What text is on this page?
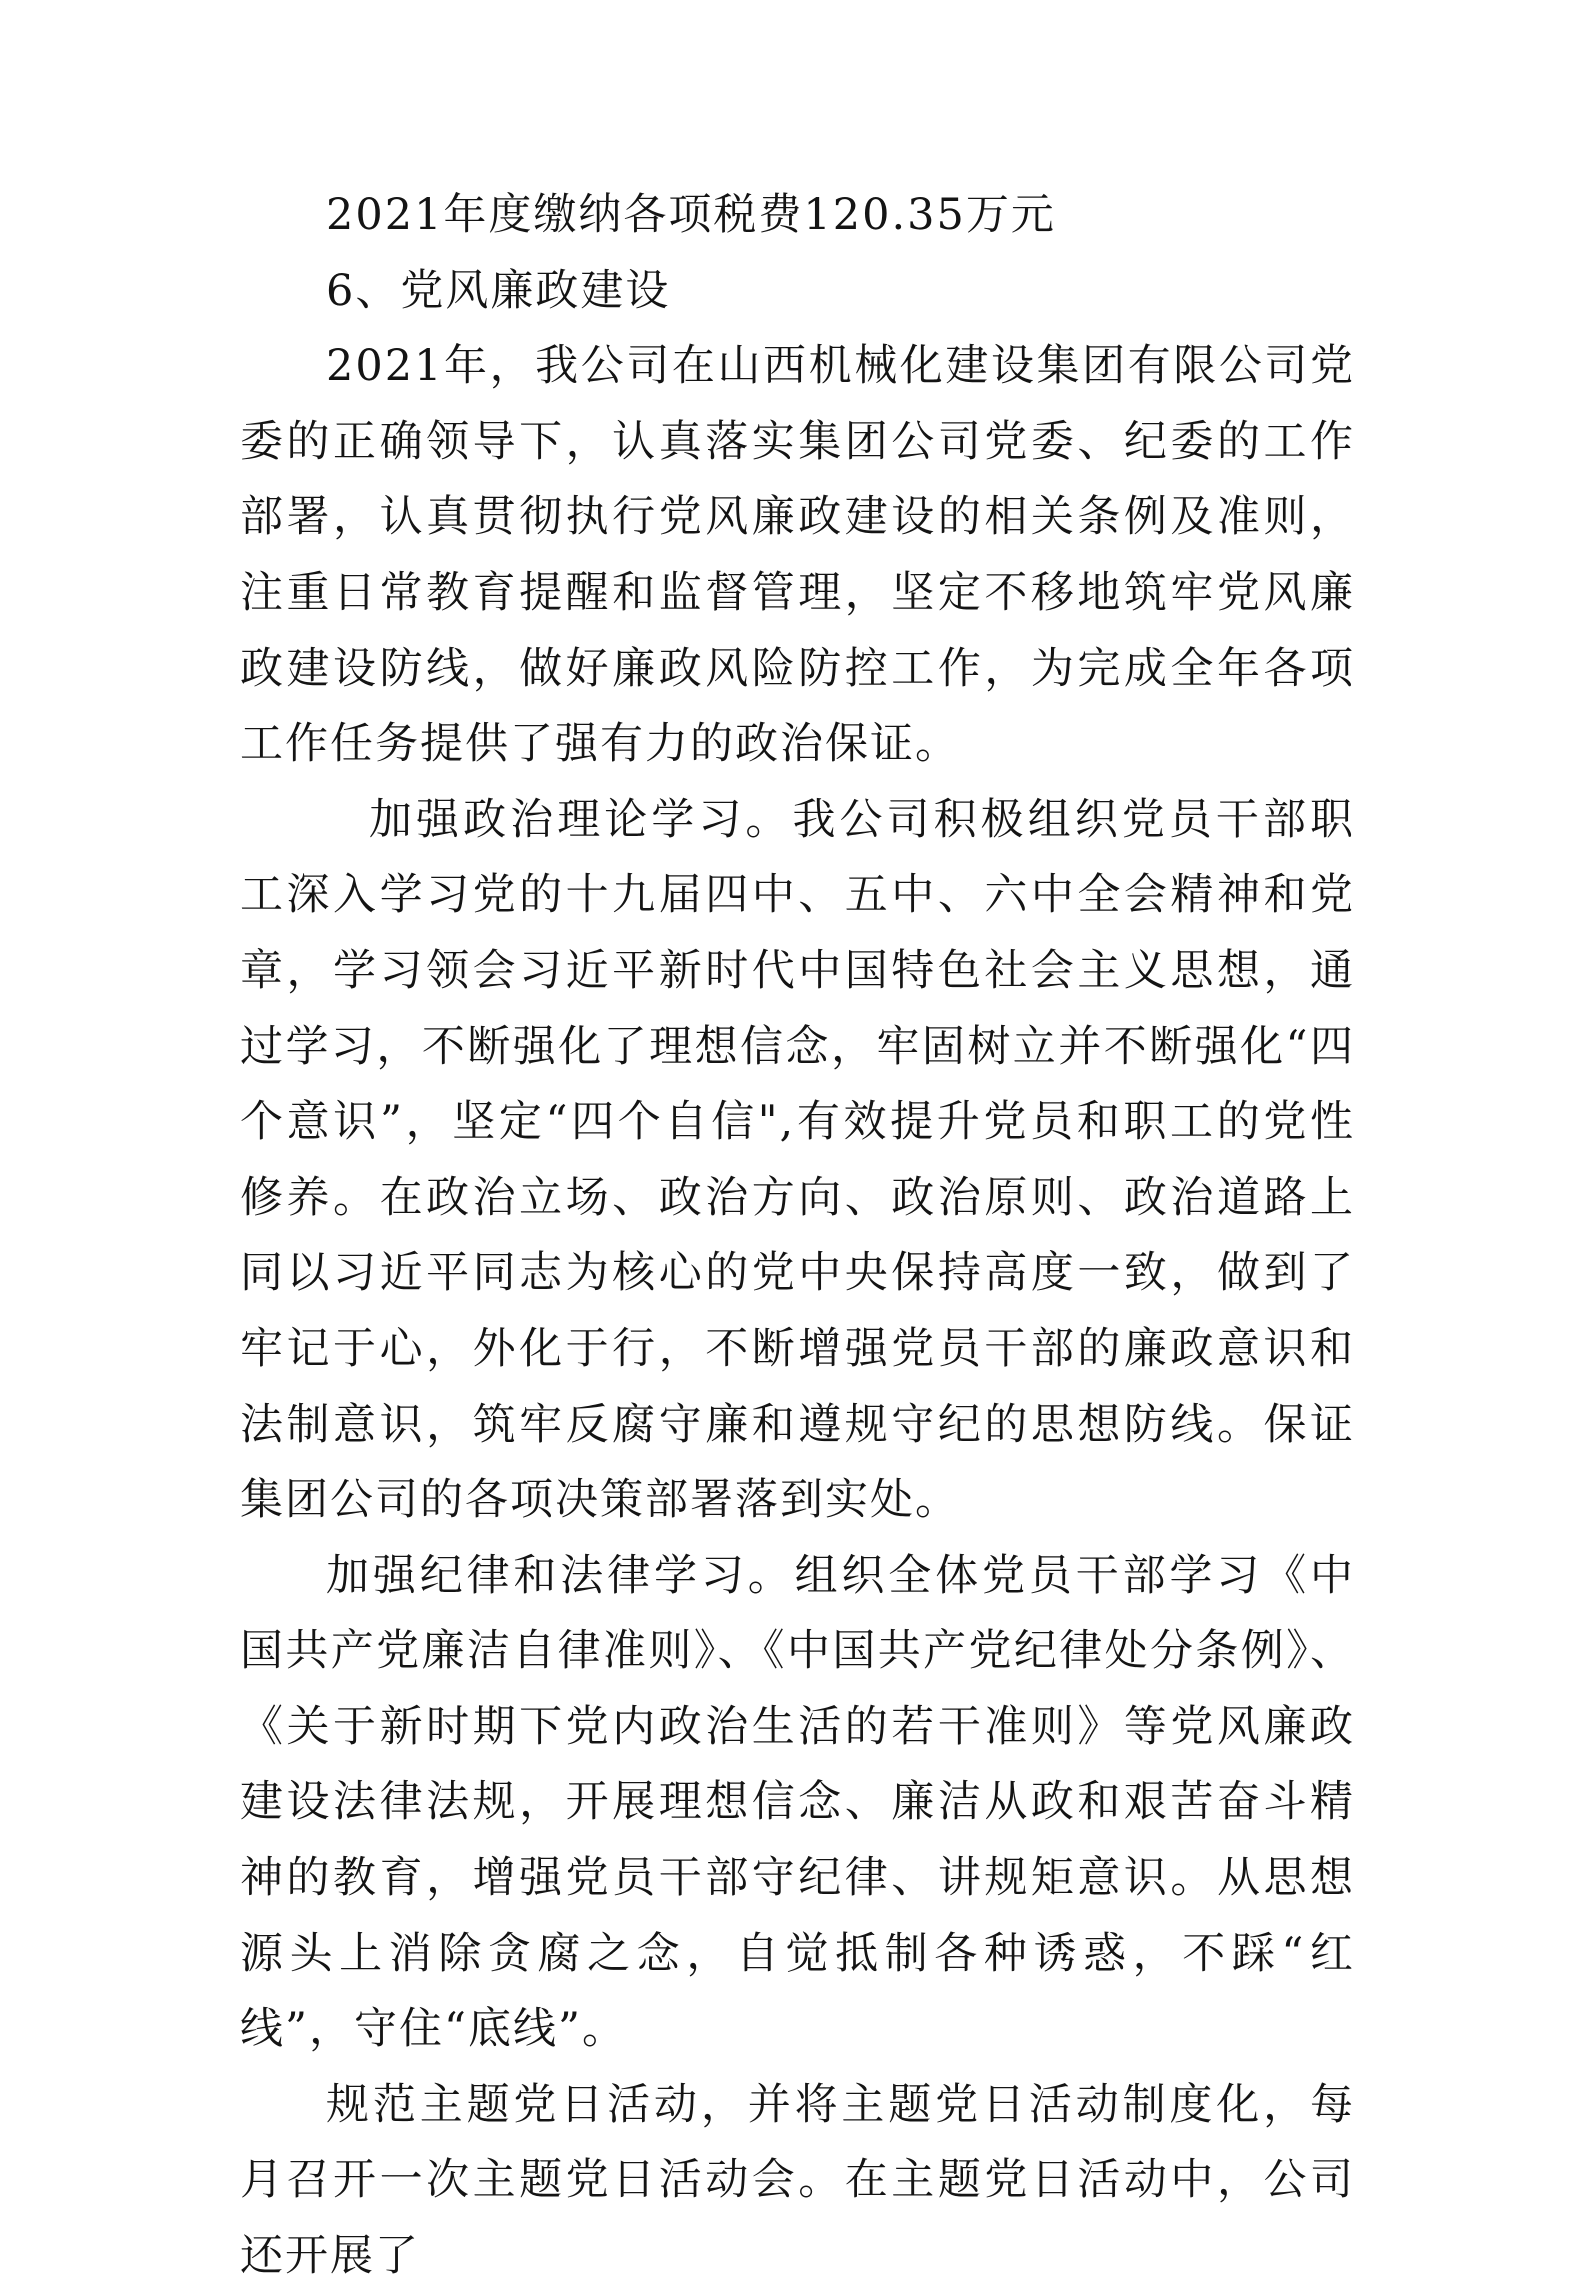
2021年度缴纳各项税费120.35万元

6、党风廉政建设

2021年，我公司在山西机械化建设集团有限公司党委的正确领导下，认真落实集团公司党委、纪委的工作部署，认真贯彻执行党风廉政建设的相关条例及准则，注重日常教育提醒和监督管理，坚定不移地筑牢党风廉政建设防线，做好廉政风险防控工作，为完成全年各项工作任务提供了强有力的政治保证。

加强政治理论学习。我公司积极组织党员干部职工深入学习党的十九届四中、五中、六中全会精神和党章，学习领会习近平新时代中国特色社会主义思想，通过学习，不断强化了理想信念，牢固树立并不断强化“四个意识”，坚定“四个自信",有效提升党员和职工的党性修养。在政治立场、政治方向、政治原则、政治道路上同以习近平同志为核心的党中央保持高度一致，做到了牢记于心，外化于行，不断增强党员干部的廉政意识和法制意识，筑牢反腐守廉和遵规守纪的思想防线。保证集团公司的各项决策部署落到实处。

加强纪律和法律学习。组织全体党员干部学习《中国共产党廉洁自律准则》、《中国共产党纪律处分条例》、《关于新时期下党内政治生活的若干准则》等党风廉政建设法律法规，开展理想信念、廉洁从政和艰苦奋斗精神的教育，增强党员干部守纪律、讲规矩意识。从思想源头上消除贪腐之念，自觉抵制各种诱惑，不踩“红线”，守住“底线”。

规范主题党日活动，并将主题党日活动制度化，每月召开一次主题党日活动会。在主题党日活动中，公司还开展了
